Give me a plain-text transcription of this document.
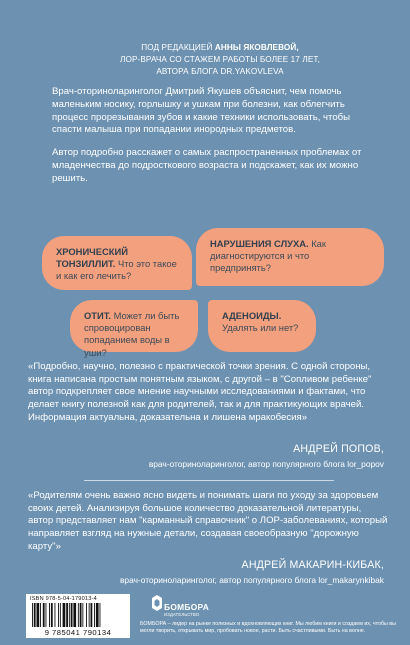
ПОД РЕДАКЦИЕЙ АННЫ ЯКОВЛЕВОЙ,
ЛОР-ВРАЧА СО СТАЖЕМ РАБОТЫ БОЛЕЕ 17 ЛЕТ,
АВТОРА БЛОГА DR.YAKOVLEVA

Врач-оториноларинголог Дмитрий Якушев объяснит, чем помочь маленьким носику, горлышку и ушкам при болезни, как облегчить процесс прорезывания зубов и какие техники использовать, чтобы спасти малыша при попадании инородных предметов.

Автор подробно расскажет о самых распространенных проблемах от младенчества до подросткового возраста и подскажет, как их можно решить.

ХРОНИЧЕСКИЙ ТОНЗИЛЛИТ. Что это такое и как его лечить?
НАРУШЕНИЯ СЛУХА. Как диагностируются и что предпринять?
ОТИТ. Может ли быть спровоцирован попаданием воды в уши?
АДЕНОИДЫ. Удалять или нет?
«Подробно, научно, полезно с практической точки зрения. С одной стороны, книга написана простым понятным языком, с другой – в "Сопливом ребенке" автор подкрепляет свое мнение научными исследованиями и фактами, что делает книгу полезной как для родителей, так и для практикующих врачей. Информация актуальна, доказательна и лишена мракобесия»
АНДРЕЙ ПОПОВ,
врач-оториноларинголог, автор популярного блога lor_popov
«Родителям очень важно ясно видеть и понимать шаги по уходу за здоровьем своих детей. Анализируя большое количество доказательной литературы, автор представляет нам "карманный справочник" о ЛОР-заболеваниях, который направляет взгляд на нужные детали, создавая своеобразную "дорожную карту"»
АНДРЕЙ МАКАРИН-КИБАК,
врач-оториноларинголог, автор популярного блога lor_makarynkibak
ISBN 978-5-04-179013-4
9 785041 790134
БОМБОРА
ИЗДАТЕЛЬСТВО
БОМБОРА – лидер на рынке полезных и вдохновляющих книг. Мы любим книги и создаем их, чтобы вы могли творить, открывать мир, пробовать новое, расти. Быть счастливыми. Быть на волне.
